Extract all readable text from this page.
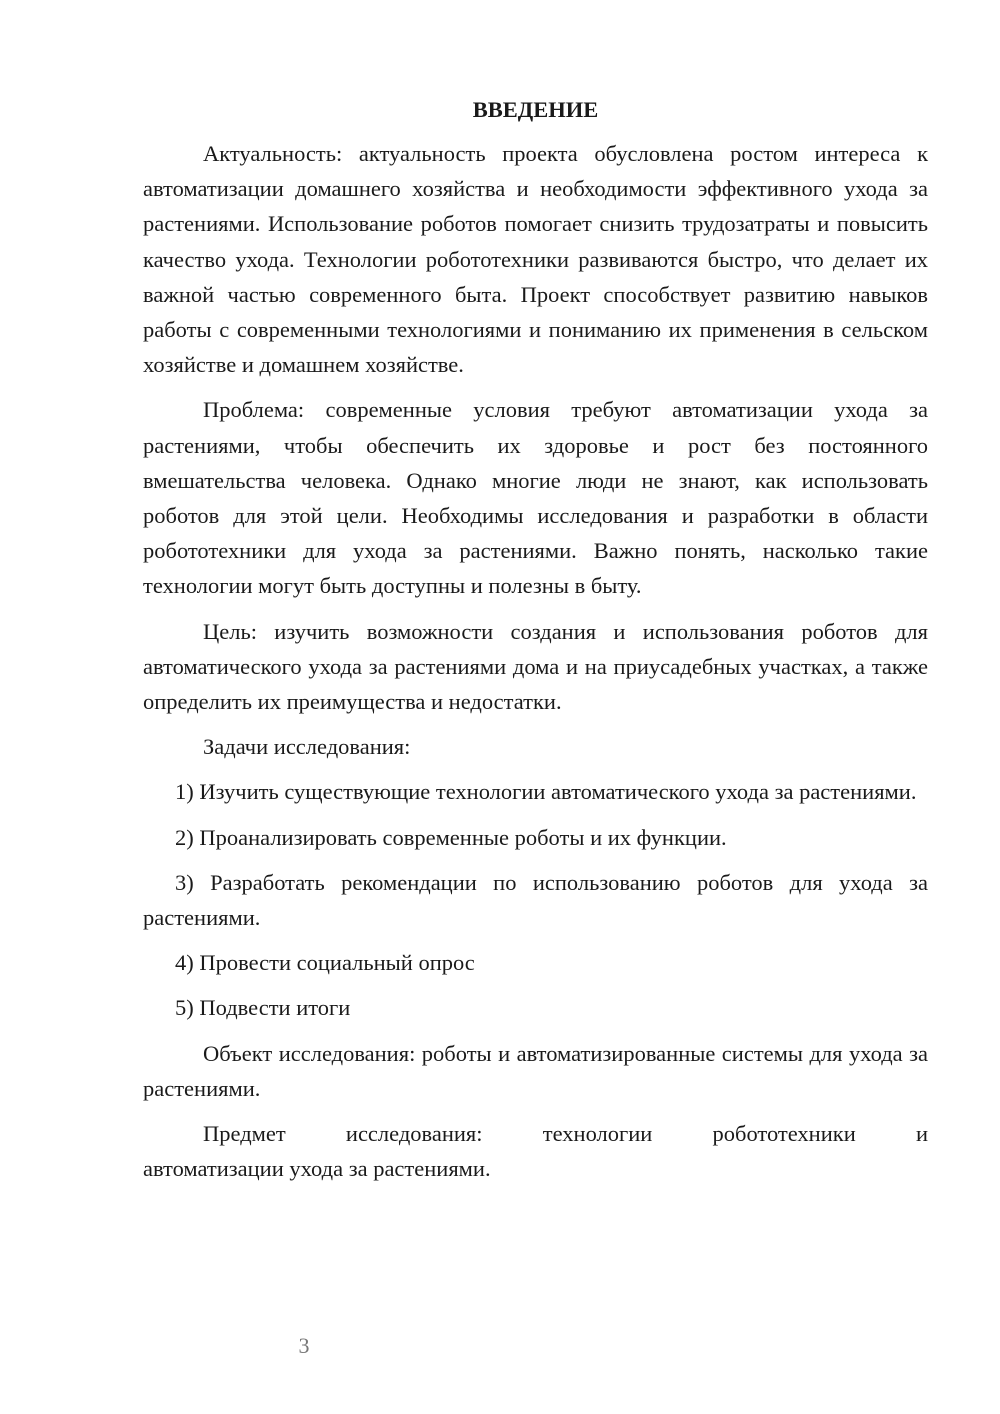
ВВЕДЕНИЕ

Актуальность: актуальность проекта обусловлена ростом интереса к автоматизации домашнего хозяйства и необходимости эффективного ухода за растениями. Использование роботов помогает снизить трудозатраты и повысить качество ухода. Технологии робототехники развиваются быстро, что делает их важной частью современного быта. Проект способствует развитию навыков работы с современными технологиями и пониманию их применения в сельском хозяйстве и домашнем хозяйстве.

Проблема: современные условия требуют автоматизации ухода за растениями, чтобы обеспечить их здоровье и рост без постоянного вмешательства человека. Однако многие люди не знают, как использовать роботов для этой цели. Необходимы исследования и разработки в области робототехники для ухода за растениями. Важно понять, насколько такие технологии могут быть доступны и полезны в быту.

Цель: изучить возможности создания и использования роботов для автоматического ухода за растениями дома и на приусадебных участках, а также определить их преимущества и недостатки.

Задачи исследования:

1) Изучить существующие технологии автоматического ухода за растениями.

2) Проанализировать современные роботы и их функции.

3) Разработать рекомендации по использованию роботов для ухода за растениями.

4) Провести социальный опрос

5) Подвести итоги

Объект исследования: роботы и автоматизированные системы для ухода за растениями.

Предмет исследования: технологии робототехники и
автоматизации ухода за растениями.

3
